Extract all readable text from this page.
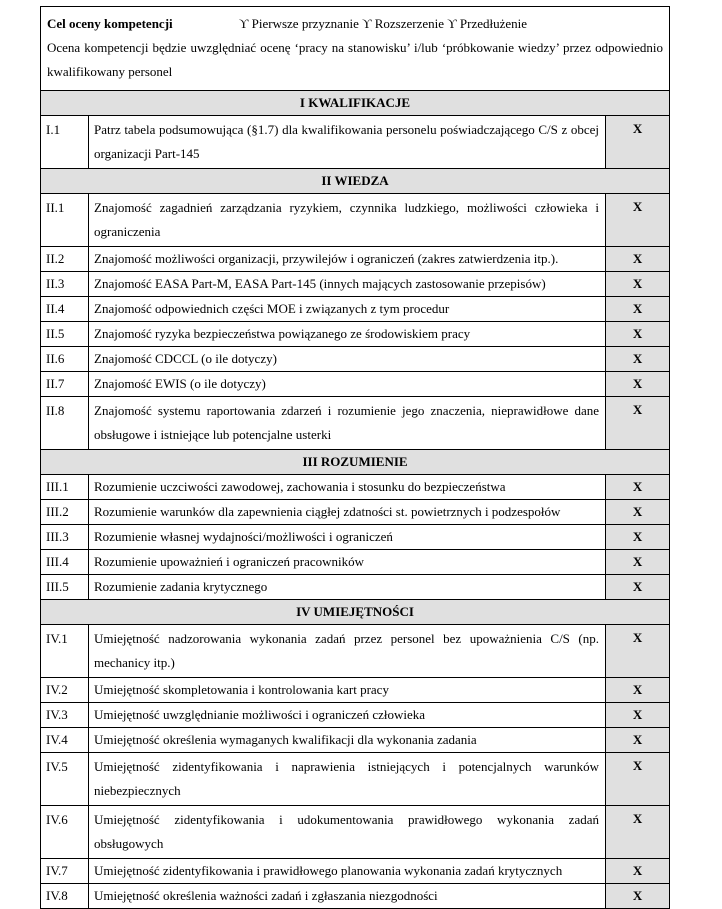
Cel oceny kompetencji ϒ Pierwsze przyznanie ϒ Rozszerzenie ϒ Przedłużenie
Ocena kompetencji będzie uwzględniać ocenę ‘pracy na stanowisku’ i/lub ‘próbkowanie wiedzy’ przez odpowiednio kwalifikowany personel		

I KWALIFIKACJE		
I.1	Patrz tabela podsumowująca (§1.7) dla kwalifikowania personelu poświadczającego C/S z obcej organizacji Part-145	X
II WIEDZA		
II.1	Znajomość zagadnień zarządzania ryzykiem, czynnika ludzkiego, możliwości człowieka i ograniczenia	X
II.2	Znajomość możliwości organizacji, przywilejów i ograniczeń (zakres zatwierdzenia itp.).	X
II.3	Znajomość EASA Part-M, EASA Part-145 (innych mających zastosowanie przepisów)	X
II.4	Znajomość odpowiednich części MOE i związanych z tym procedur	X
II.5	Znajomość ryzyka bezpieczeństwa powiązanego ze środowiskiem pracy	X
II.6	Znajomość CDCCL (o ile dotyczy)	X
II.7	Znajomość EWIS (o ile dotyczy)	X
II.8	Znajomość systemu raportowania zdarzeń i rozumienie jego znaczenia, nieprawidłowe dane obsługowe i istniejące lub potencjalne usterki	X
III ROZUMIENIE		
III.1	Rozumienie uczciwości zawodowej, zachowania i stosunku do bezpieczeństwa	X
III.2	Rozumienie warunków dla zapewnienia ciągłej zdatności st. powietrznych i podzespołów	X
III.3	Rozumienie własnej wydajności/możliwości i ograniczeń	X
III.4	Rozumienie upoważnień i ograniczeń pracowników	X
III.5	Rozumienie zadania krytycznego	X
IV UMIEJĘTNOŚCI		
IV.1	Umiejętność nadzorowania wykonania zadań przez personel bez upoważnienia C/S (np. mechanicy itp.)	X
IV.2	Umiejętność skompletowania i kontrolowania kart pracy	X
IV.3	Umiejętność uwzględnianie możliwości i ograniczeń człowieka	X
IV.4	Umiejętność określenia wymaganych kwalifikacji dla wykonania zadania	X
IV.5	Umiejętność zidentyfikowania i naprawienia istniejących i potencjalnych warunków niebezpiecznych	X
IV.6	Umiejętność zidentyfikowania i udokumentowania prawidłowego wykonania zadań obsługowych	X
IV.7	Umiejętność zidentyfikowania i prawidłowego planowania wykonania zadań krytycznych	X
IV.8	Umiejętność określenia ważności zadań i zgłaszania niezgodności	X
